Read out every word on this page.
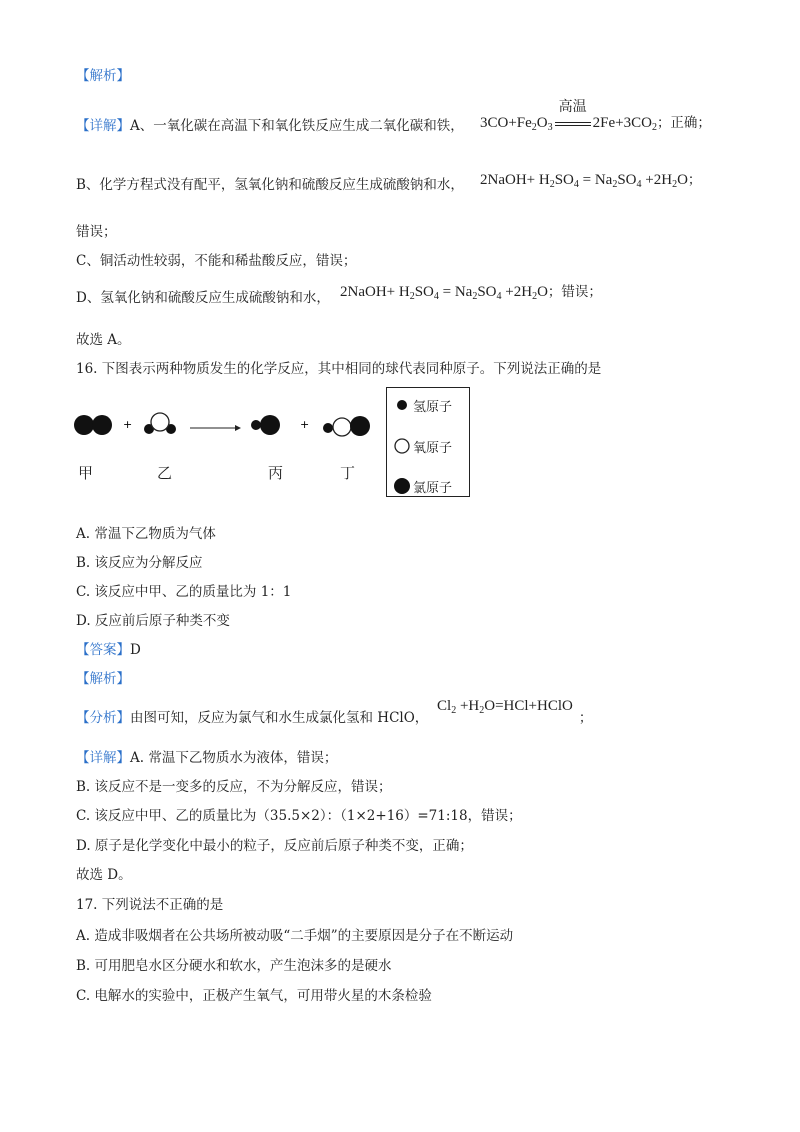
【解析】
【详解】A、一氧化碳在高温下和氧化铁反应生成二氧化碳和铁， $3CO+Fe_2O_3$
高温
$2Fe+3CO_2$；正确；
B、化学方程式没有配平，氢氧化钠和硫酸反应生成硫酸钠和水， 2NaOH+ $H_2SO_4 = Na_2SO_4 +2H_2O$；
错误；
C、铜活动性较弱，不能和稀盐酸反应，错误；
D、氢氧化钠和硫酸反应生成硫酸钠和水， 2NaOH+ $H_2SO_4 = Na_2SO_4 +2H_2O$；错误；
故选 A。
16. 下图表示两种物质发生的化学反应，其中相同的球代表同种原子。下列说法正确的是
+	+
甲	乙	丙	丁
氢原子
氧原子
氯原子
A. 常温下乙物质为气体
B. 该反应为分解反应
C. 该反应中甲、乙的质量比为 1：1
D. 反应前后原子种类不变
【答案】D
【解析】
【分析】由图可知，反应为氯气和水生成氯化氢和 HClO，
$Cl_2$ $+H_2O=HCl+HClO$；
【详解】A. 常温下乙物质水为液体，错误；
B. 该反应不是一变多的反应，不为分解反应，错误；
C. 该反应中甲、乙的质量比为（35.5×2）：（1×2+16）=71:18，错误；
D. 原子是化学变化中最小的粒子，反应前后原子种类不变，正确；
故选 D。
17. 下列说法不正确的是
A. 造成非吸烟者在公共场所被动吸“二手烟”的主要原因是分子在不断运动
B. 可用肥皂水区分硬水和软水，产生泡沫多的是硬水
C. 电解水的实验中，正极产生氧气，可用带火星的木条检验
